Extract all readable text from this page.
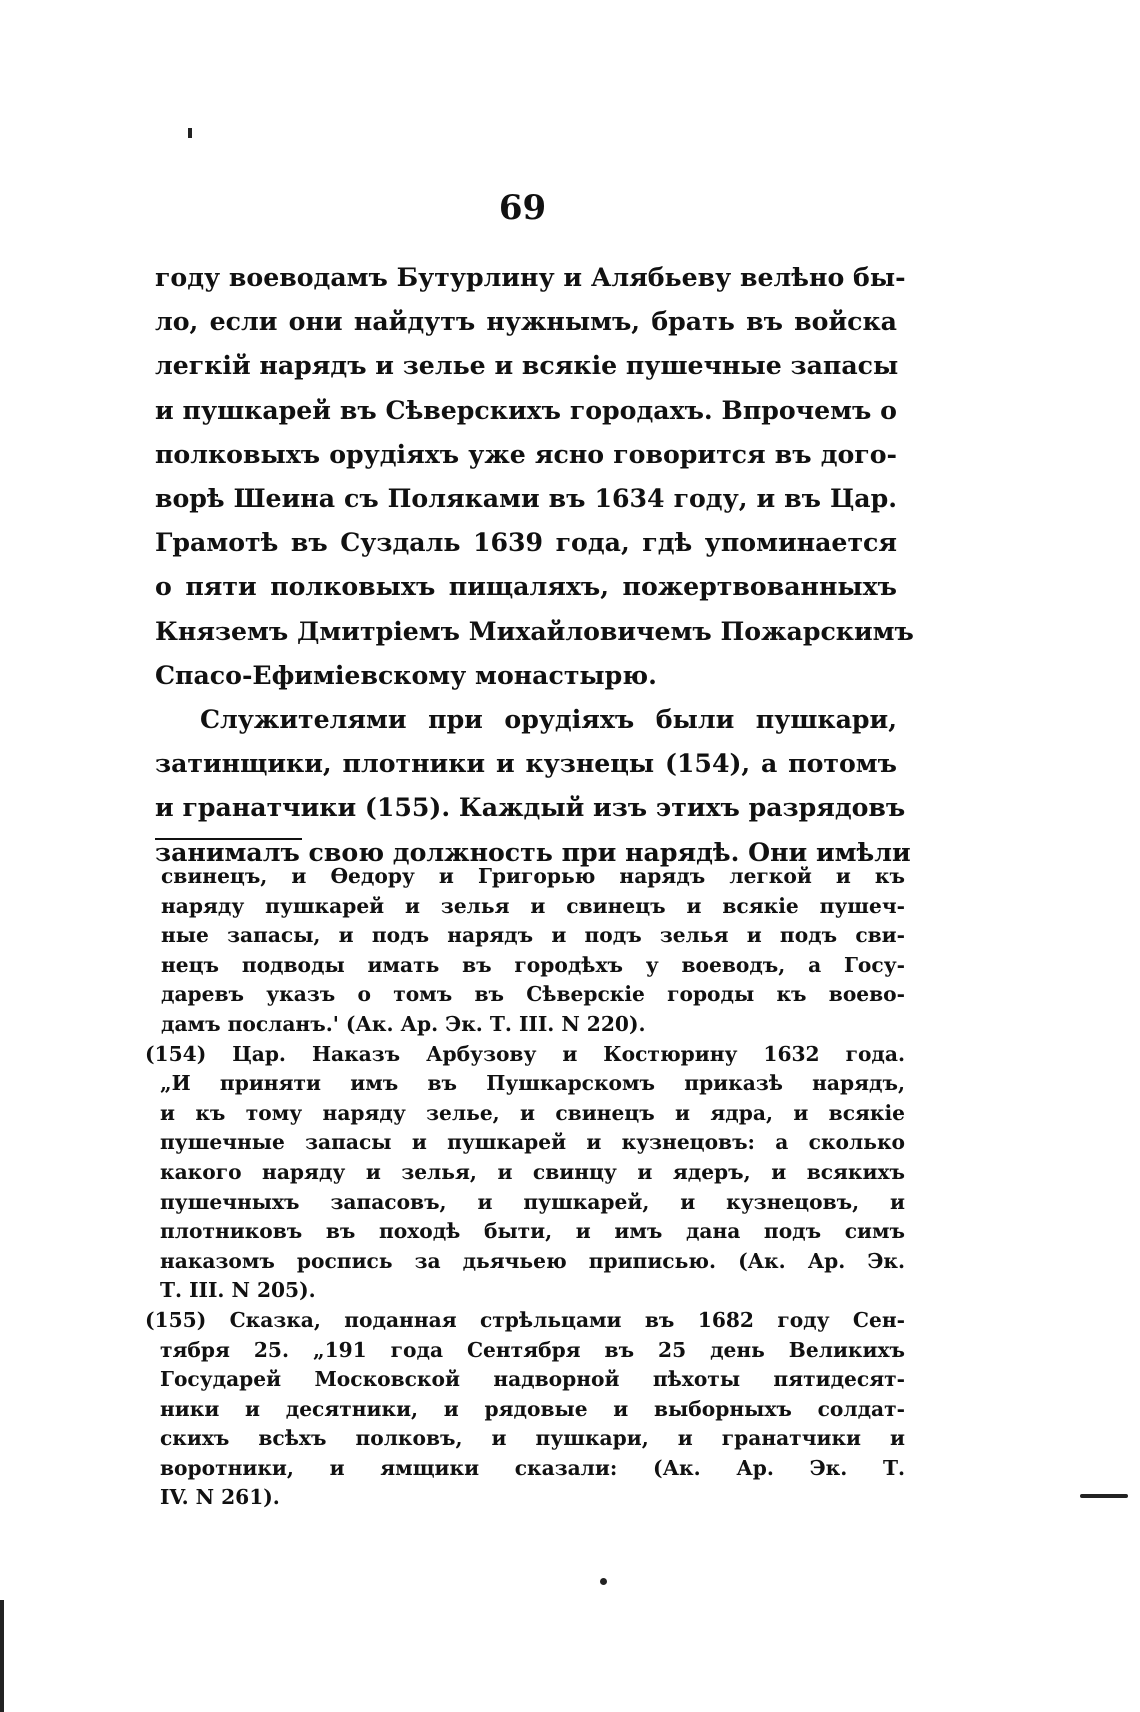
69
году воеводамъ Бутурлину и Алябьеву велѣно бы-
ло, если они найдутъ нужнымъ, брать въ войска
легкій нарядъ и зелье и всякіе пушечные запасы
и пушкарей въ Сѣверскихъ городахъ. Впрочемъ о
полковыхъ орудіяхъ уже ясно говорится въ дого-
ворѣ Шеина съ Поляками въ 1634 году, и въ Цар.
Грамотѣ въ Суздаль 1639 года, гдѣ упоминается
о пяти полковыхъ пищаляхъ, пожертвованныхъ
Княземъ Дмитріемъ Михайловичемъ Пожарскимъ
Спасо-Ефиміевскому монастырю.
Служителями при орудіяхъ были пушкари,
затинщики, плотники и кузнецы (154), а потомъ
и гранатчики (155). Каждый изъ этихъ разрядовъ
занималъ свою должность при нарядѣ. Они имѣли
свинецъ, и Ѳедору и Григорью нарядъ легкой и къ
наряду пушкарей и зелья и свинецъ и всякіе пушеч-
ные запасы, и подъ нарядъ и подъ зелья и подъ сви-
нецъ подводы имать въ городѣхъ у воеводъ, а Госу-
даревъ указъ о томъ въ Сѣверскіе городы къ воево-
дамъ посланъ.' (Ак. Ар. Эк. Т. III. N 220).
(154) Цар. Наказъ Арбузову и Костюрину 1632 года.
„И приняти имъ въ Пушкарскомъ приказѣ нарядъ,
и къ тому наряду зелье, и свинецъ и ядра, и всякіе
пушечные запасы и пушкарей и кузнецовъ: а сколько
какого наряду и зелья, и свинцу и ядеръ, и всякихъ
пушечныхъ запасовъ, и пушкарей, и кузнецовъ, и
плотниковъ въ походѣ быти, и имъ дана подъ симъ
наказомъ роспись за дьячьею приписью. (Ак. Ар. Эк.
Т. III. N 205).
(155) Сказка, поданная стрѣльцами въ 1682 году Сен-
тября 25. „191 года Сентября въ 25 день Великихъ
Государей Московской надворной пѣхоты пятидесят-
ники и десятники, и рядовые и выборныхъ солдат-
скихъ всѣхъ полковъ, и пушкари, и гранатчики и
воротники, и ямщики сказали: (Ак. Ар. Эк. Т.
IV. N 261).
